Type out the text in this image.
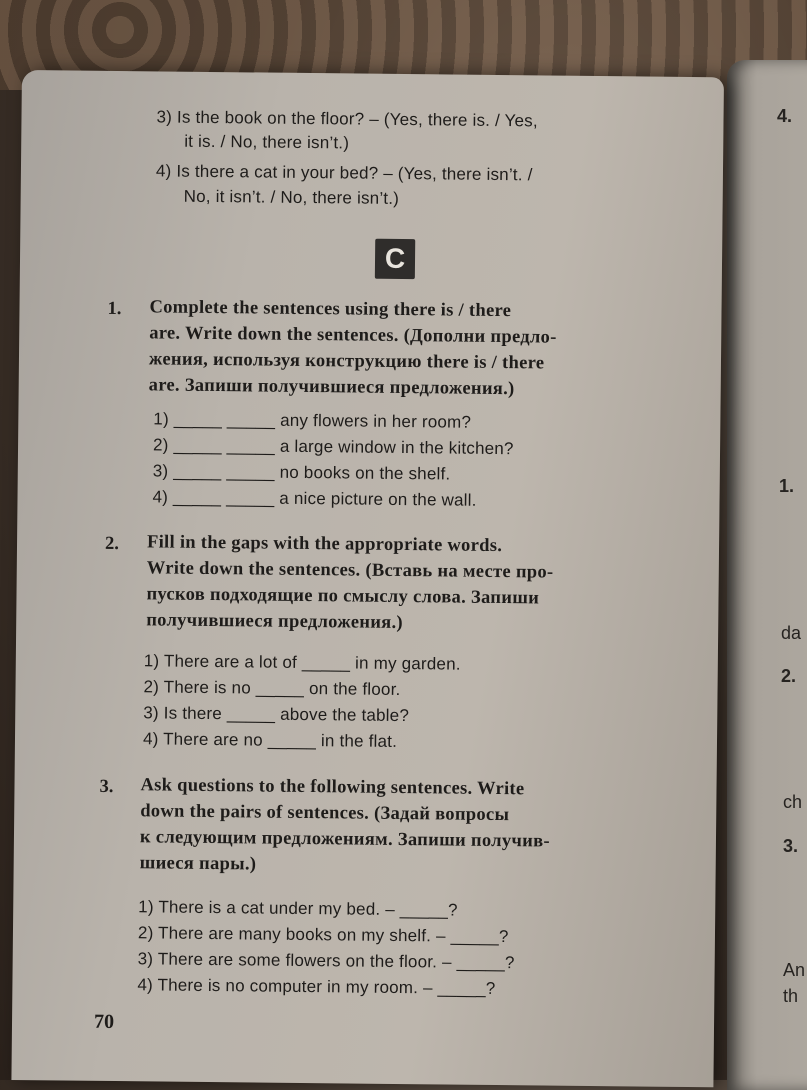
4.
1.
da
2.
ch
3.
An
th
3) Is the book on the floor? – (Yes, there is. / Yes,
it is. / No, there isn’t.)
4) Is there a cat in your bed? – (Yes, there isn’t. /
No, it isn’t. / No, there isn’t.)
C
1. Complete the sentences using there is / there
are. Write down the sentences. (Дополни предло-
жения, используя конструкцию there is / there
are. Запиши получившиеся предложения.)
1) _____ _____ any flowers in her room?
2) _____ _____ a large window in the kitchen?
3) _____ _____ no books on the shelf.
4) _____ _____ a nice picture on the wall.
2. Fill in the gaps with the appropriate words.
Write down the sentences. (Вставь на месте про-
пусков подходящие по смыслу слова. Запиши
получившиеся предложения.)
1) There are a lot of _____ in my garden.
2) There is no _____ on the floor.
3) Is there _____ above the table?
4) There are no _____ in the flat.
3. Ask questions to the following sentences. Write
down the pairs of sentences. (Задай вопросы
к следующим предложениям. Запиши получив-
шиеся пары.)
1) There is a cat under my bed. – _____?
2) There are many books on my shelf. – _____?
3) There are some flowers on the floor. – _____?
4) There is no computer in my room. – _____?
70
